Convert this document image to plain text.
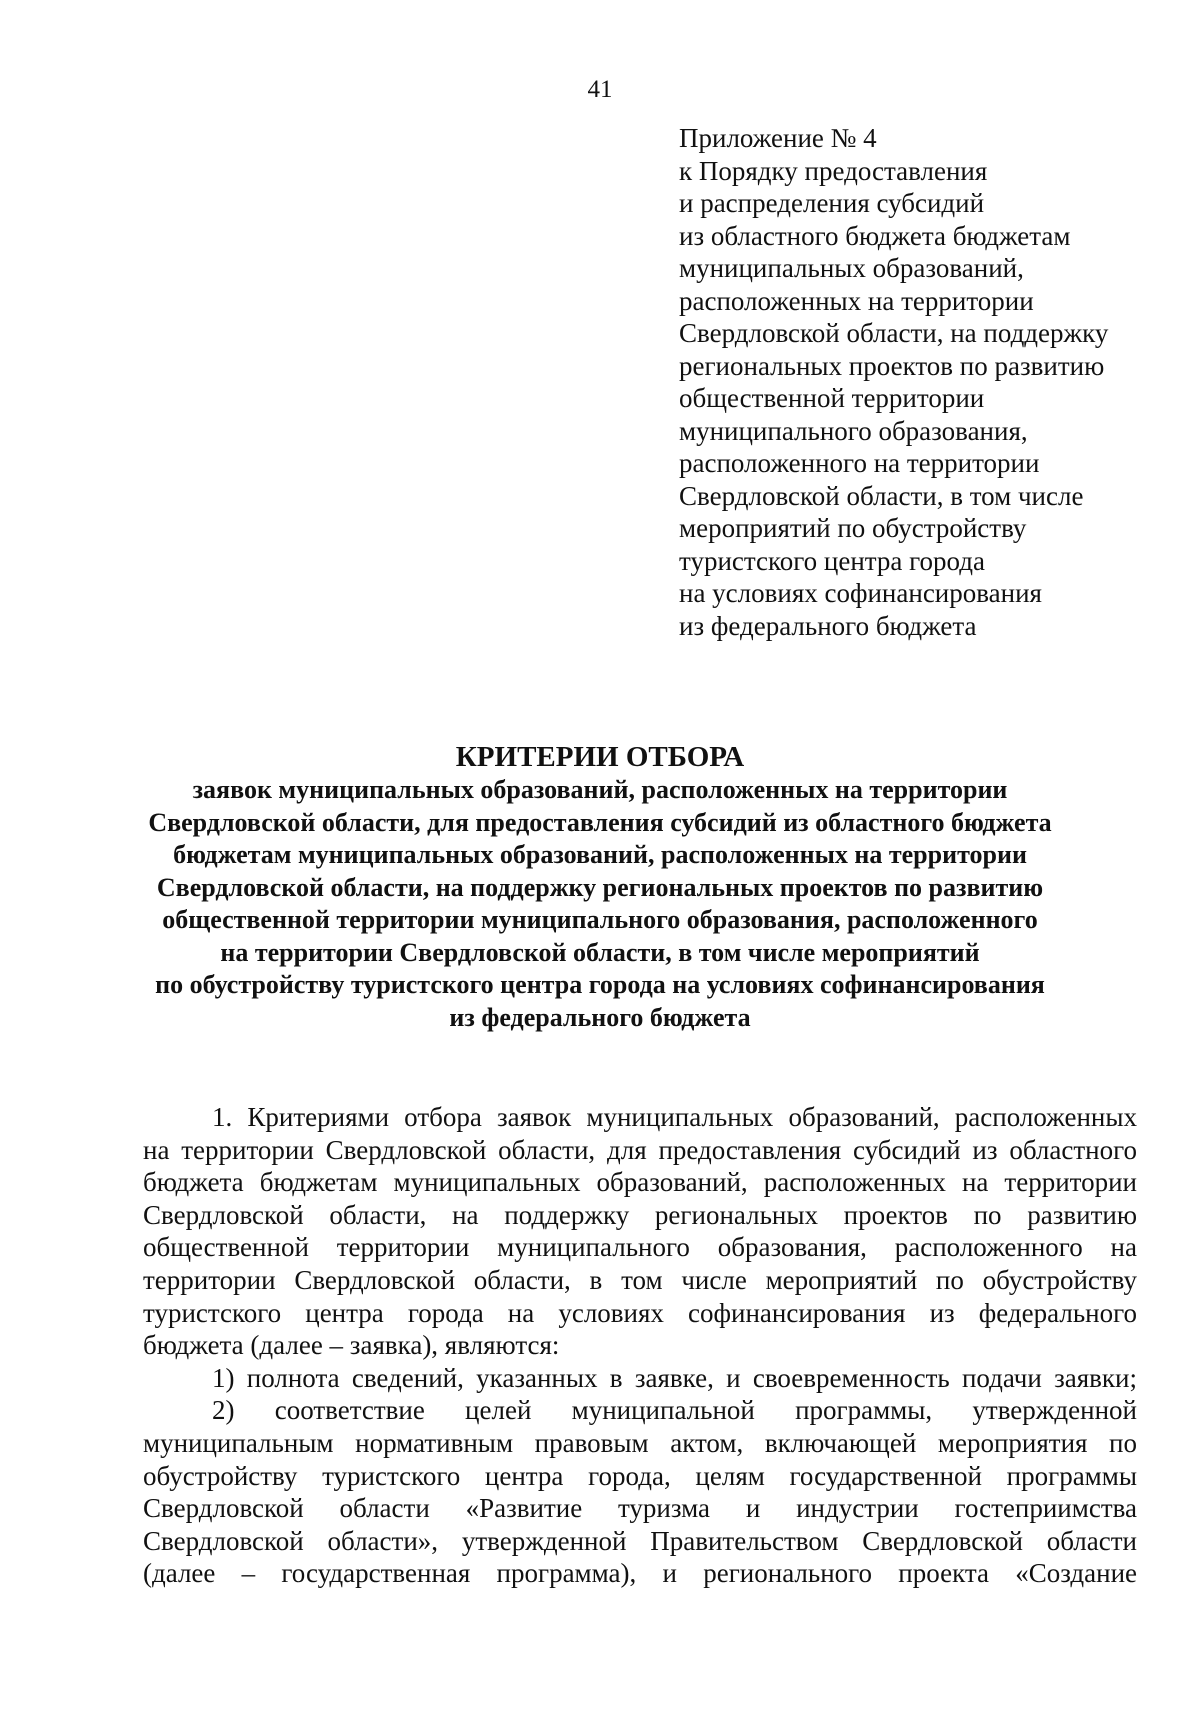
41
Приложение № 4
к Порядку предоставления
и распределения субсидий
из областного бюджета бюджетам
муниципальных образований,
расположенных на территории
Свердловской области, на поддержку
региональных проектов по развитию
общественной территории
муниципального образования,
расположенного на территории
Свердловской области, в том числе
мероприятий по обустройству
туристского центра города
на условиях софинансирования
из федерального бюджета
КРИТЕРИИ ОТБОРА
заявок муниципальных образований, расположенных на территории
Свердловской области, для предоставления субсидий из областного бюджета
бюджетам муниципальных образований, расположенных на территории
Свердловской области, на поддержку региональных проектов по развитию
общественной территории муниципального образования, расположенного
на территории Свердловской области, в том числе мероприятий
по обустройству туристского центра города на условиях софинансирования
из федерального бюджета
1. Критериями отбора заявок муниципальных образований, расположенных
на территории Свердловской области, для предоставления субсидий из областного
бюджета бюджетам муниципальных образований, расположенных на территории
Свердловской области, на поддержку региональных проектов по развитию
общественной территории муниципального образования, расположенного на
территории Свердловской области, в том числе мероприятий по обустройству
туристского центра города на условиях софинансирования из федерального
бюджета (далее – заявка), являются:
1) полнота сведений, указанных в заявке, и своевременность подачи заявки;
2) соответствие целей муниципальной программы, утвержденной
муниципальным нормативным правовым актом, включающей мероприятия по
обустройству туристского центра города, целям государственной программы
Свердловской области «Развитие туризма и индустрии гостеприимства
Свердловской области», утвержденной Правительством Свердловской области
(далее – государственная программа), и регионального проекта «Создание
